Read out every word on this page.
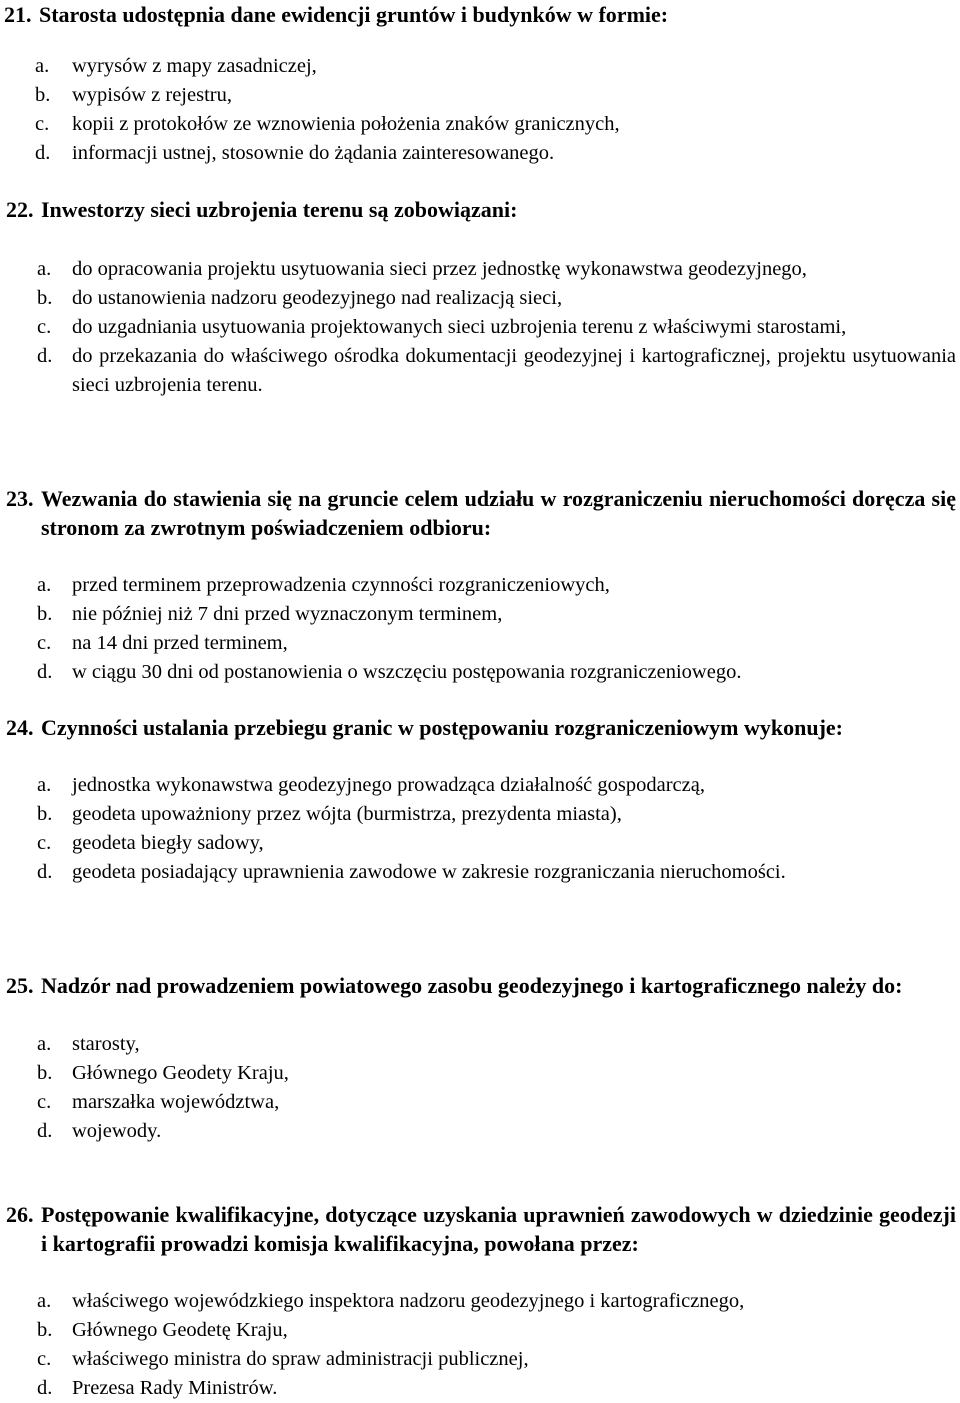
21. Starosta udostępnia dane ewidencji gruntów i budynków w formie:
a. wyrysów z mapy zasadniczej,
b. wypisów z rejestru,
c. kopii z protokołów ze wznowienia położenia znaków granicznych,
d. informacji ustnej, stosownie do żądania zainteresowanego.
22. Inwestorzy sieci uzbrojenia terenu są zobowiązani:
a. do opracowania projektu usytuowania sieci przez jednostkę wykonawstwa geodezyjnego,
b. do ustanowienia nadzoru geodezyjnego nad realizacją sieci,
c. do uzgadniania usytuowania projektowanych sieci uzbrojenia terenu z właściwymi starostami,
d. do przekazania do właściwego ośrodka dokumentacji geodezyjnej i kartograficznej, projektu usytuowania sieci uzbrojenia terenu.
23. Wezwania do stawienia się na gruncie celem udziału w rozgraniczeniu nieruchomości doręcza się stronom za zwrotnym poświadczeniem odbioru:
a. przed terminem przeprowadzenia czynności rozgraniczeniowych,
b. nie później niż 7 dni przed wyznaczonym terminem,
c. na 14 dni przed terminem,
d. w ciągu 30 dni od postanowienia o wszczęciu postępowania rozgraniczeniowego.
24. Czynności ustalania przebiegu granic w postępowaniu rozgraniczeniowym wykonuje:
a. jednostka wykonawstwa geodezyjnego prowadząca działalność gospodarczą,
b. geodeta upoważniony przez wójta (burmistrza, prezydenta miasta),
c. geodeta biegły sadowy,
d. geodeta posiadający uprawnienia zawodowe w zakresie rozgraniczania nieruchomości.
25. Nadzór nad prowadzeniem powiatowego zasobu geodezyjnego i kartograficznego należy do:
a. starosty,
b. Głównego Geodety Kraju,
c. marszałka województwa,
d. wojewody.
26. Postępowanie kwalifikacyjne, dotyczące uzyskania uprawnień zawodowych w dziedzinie geodezji i kartografii prowadzi komisja kwalifikacyjna, powołana przez:
a. właściwego wojewódzkiego inspektora nadzoru geodezyjnego i kartograficznego,
b. Głównego Geodetę Kraju,
c. właściwego ministra do spraw administracji publicznej,
d. Prezesa Rady Ministrów.
